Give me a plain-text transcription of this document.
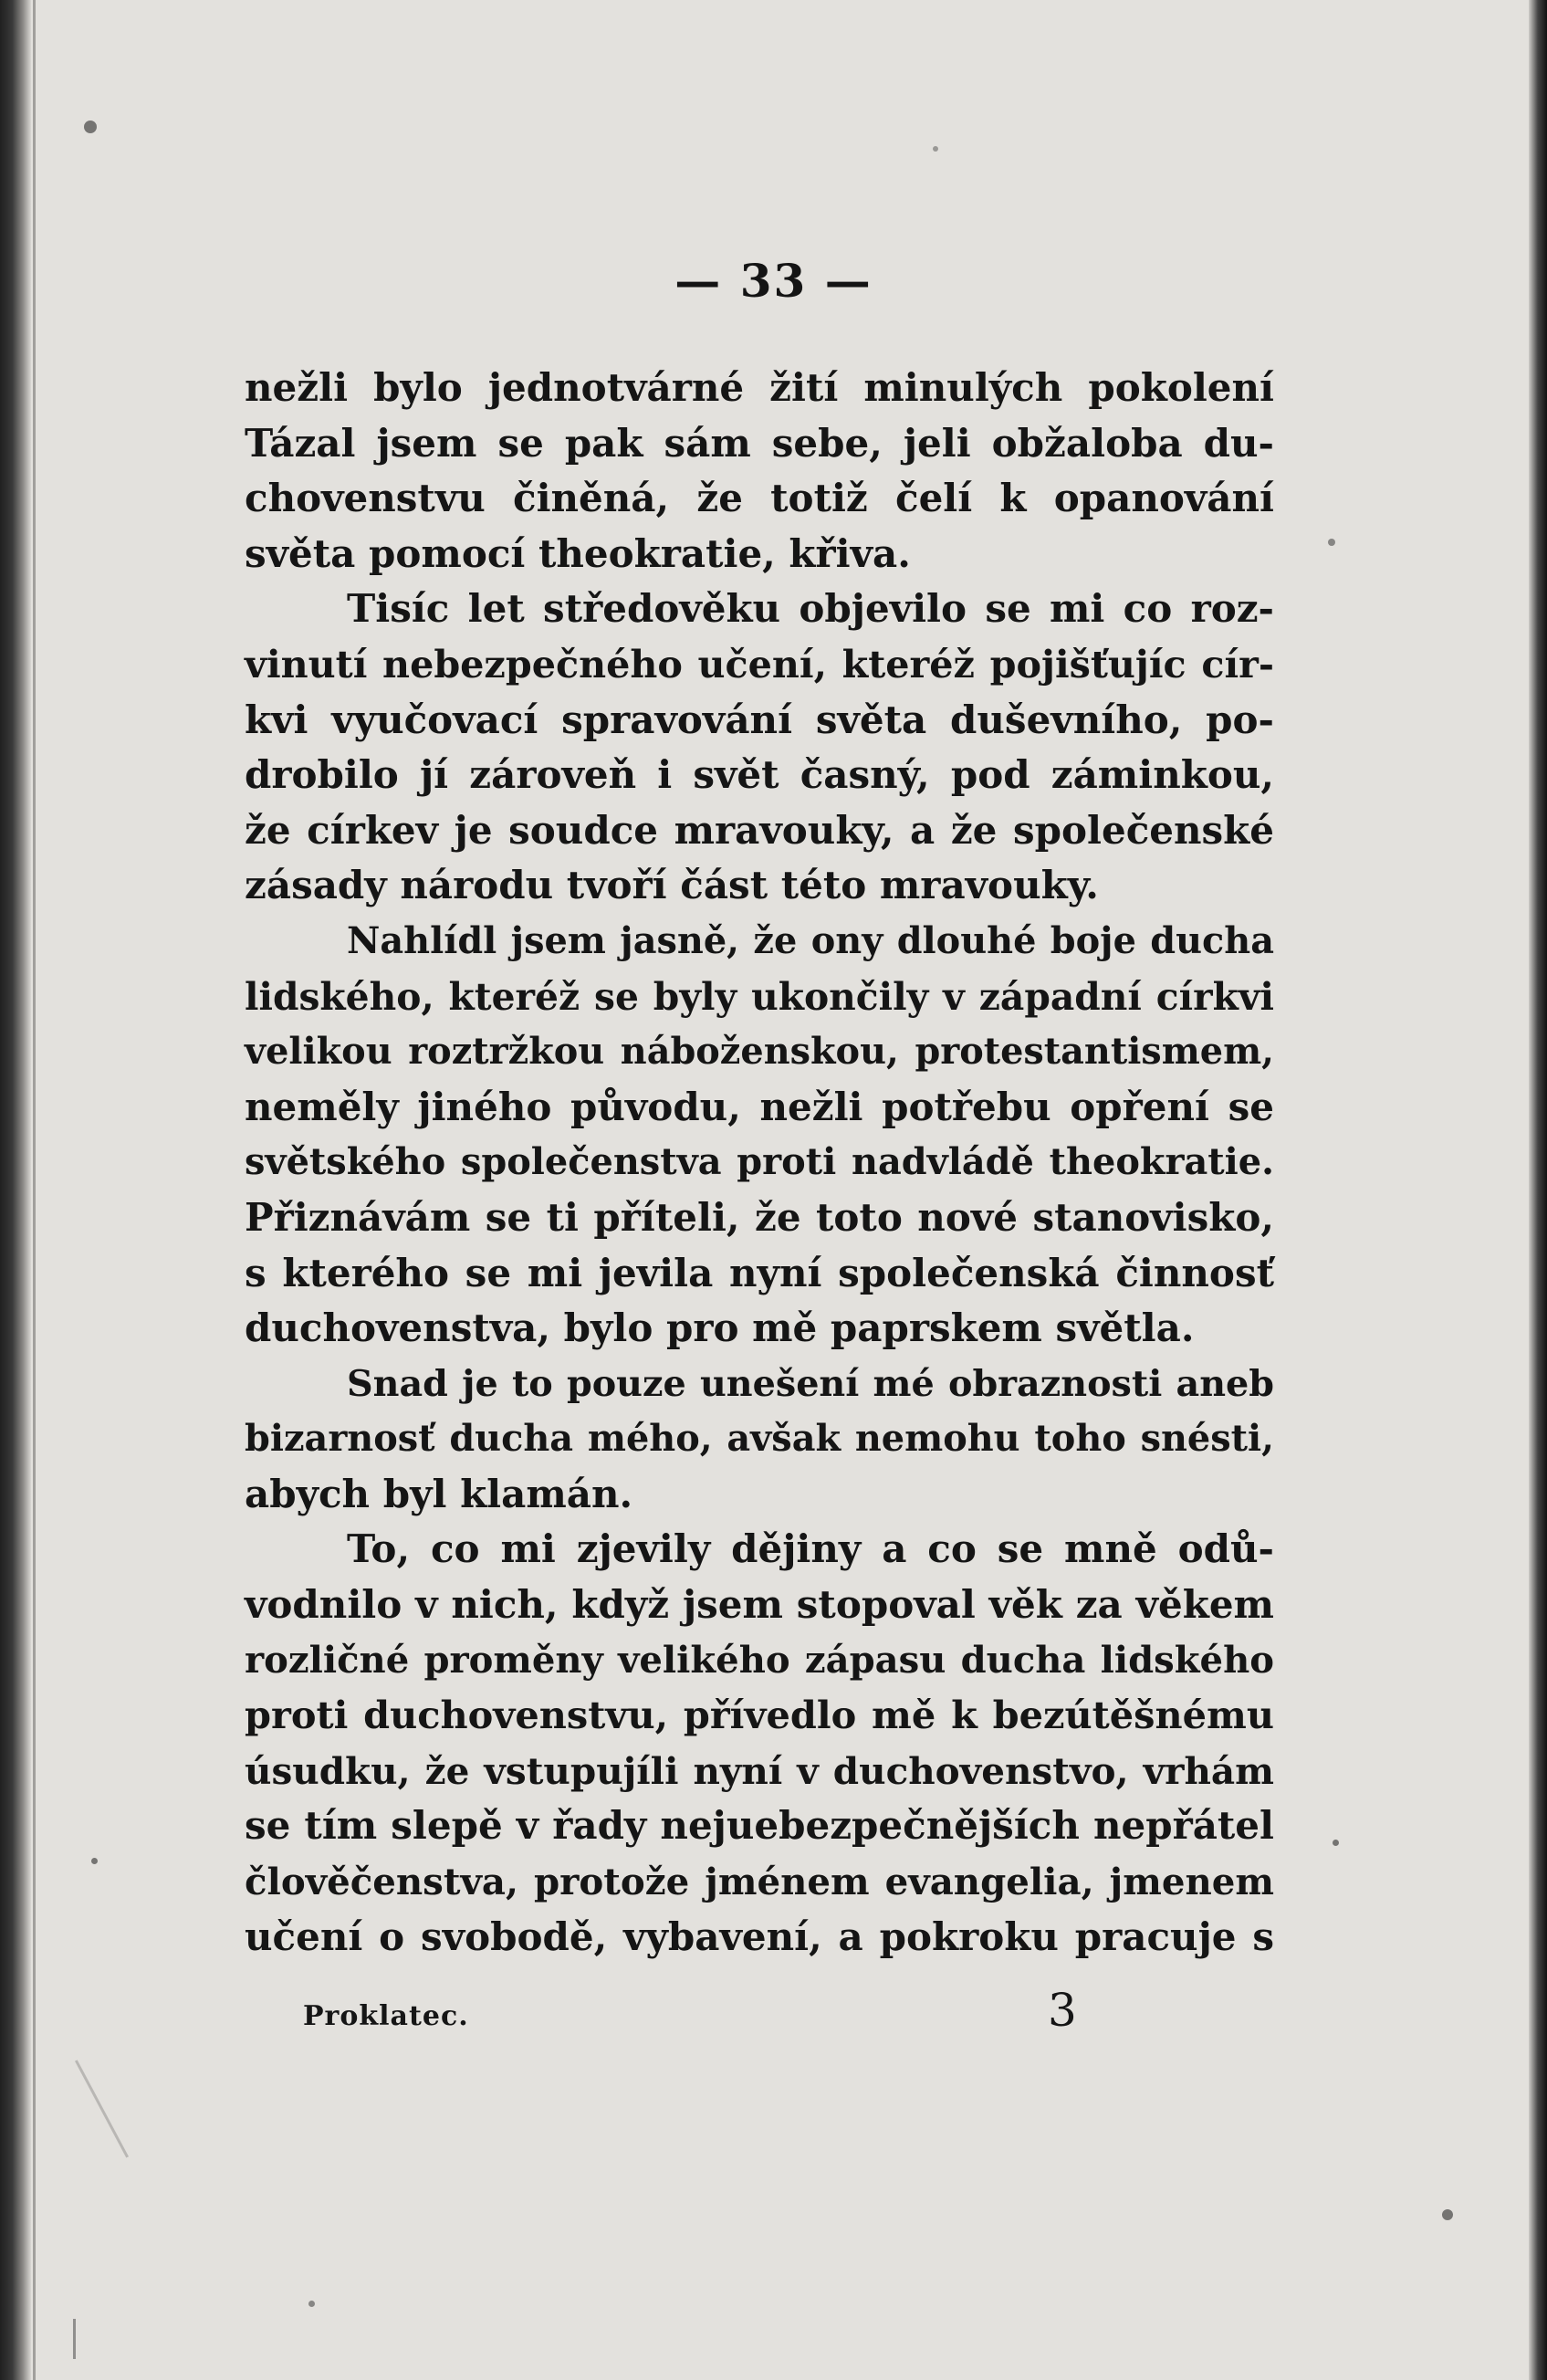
— 33 —
nežli bylo jednotvárné žití minulých pokolení
Tázal jsem se pak sám sebe, jeli obžaloba du-
chovenstvu činěná, že totiž čelí k opanování
světa pomocí theokratie, křiva.
Tisíc let středověku objevilo se mi co roz-
vinutí nebezpečného učení, kteréž pojišťujíc cír-
kvi vyučovací spravování světa duševního, po-
drobilo jí zároveň i svět časný, pod záminkou,
že církev je soudce mravouky, a že společenské
zásady národu tvoří část této mravouky.
Nahlídl jsem jasně, že ony dlouhé boje ducha
lidského, kteréž se byly ukončily v západní církvi
velikou roztržkou náboženskou, protestantismem,
neměly jiného původu, nežli potřebu opření se
světského společenstva proti nadvládě theokratie.
Přiznávám se ti příteli, že toto nové stanovisko,
s kterého se mi jevila nyní společenská činnosť
duchovenstva, bylo pro mě paprskem světla.
Snad je to pouze unešení mé obraznosti aneb
bizarnosť ducha mého, avšak nemohu toho snésti,
abych byl klamán.
To, co mi zjevily dějiny a co se mně odů-
vodnilo v nich, když jsem stopoval věk za věkem
rozličné proměny velikého zápasu ducha lidského
proti duchovenstvu, přívedlo mě k bezútěšnému
úsudku, že vstupujíli nyní v duchovenstvo, vrhám
se tím slepě v řady nejuebezpečnějších nepřátel
člověčenstva, protože jménem evangelia, jmenem
učení o svobodě, vybavení, a pokroku pracuje s
Proklatec.	3
